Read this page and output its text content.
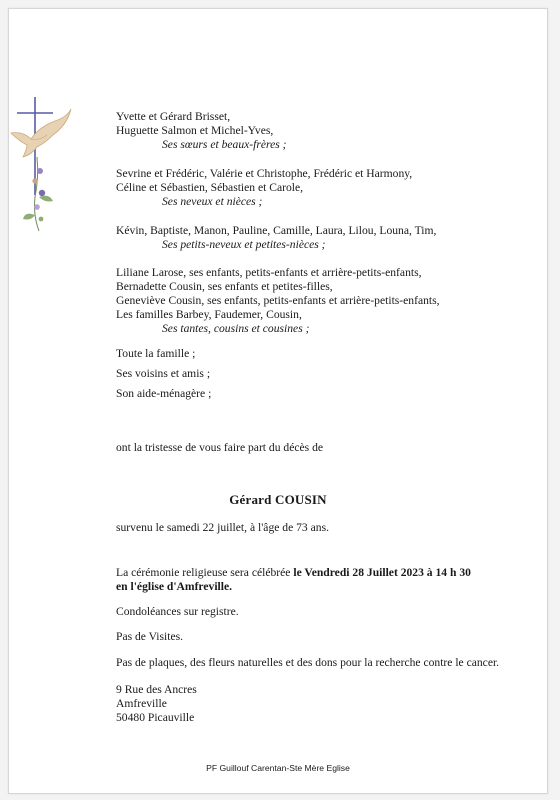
Yvette et Gérard Brisset,
Huguette Salmon et Michel-Yves,
Ses sœurs et beaux-frères ;
Sevrine et Frédéric, Valérie et Christophe, Frédéric et Harmony,
Céline et Sébastien, Sébastien et Carole,
Ses neveux et nièces ;
Kévin, Baptiste, Manon, Pauline, Camille, Laura, Lilou, Louna, Tim,
Ses petits-neveux et petites-nièces ;
Liliane Larose, ses enfants, petits-enfants et arrière-petits-enfants,
Bernadette Cousin, ses enfants et petites-filles,
Geneviève Cousin, ses enfants, petits-enfants et arrière-petits-enfants,
Les familles Barbey, Faudemer, Cousin,
Ses tantes, cousins et cousines ;
Toute la famille ;
Ses voisins et amis ;
Son aide-ménagère ;
ont la tristesse de vous faire part du décès de
Gérard COUSIN
survenu le samedi 22 juillet, à l'âge de 73 ans.
La cérémonie religieuse sera célébrée le Vendredi 28 Juillet 2023 à 14 h 30
en l'église d'Amfreville.
Condoléances sur registre.
Pas de Visites.
Pas de plaques, des fleurs naturelles et des dons pour la recherche contre le cancer.
9 Rue des Ancres
Amfreville
50480 Picauville
PF Guillouf Carentan-Ste Mère Eglise
